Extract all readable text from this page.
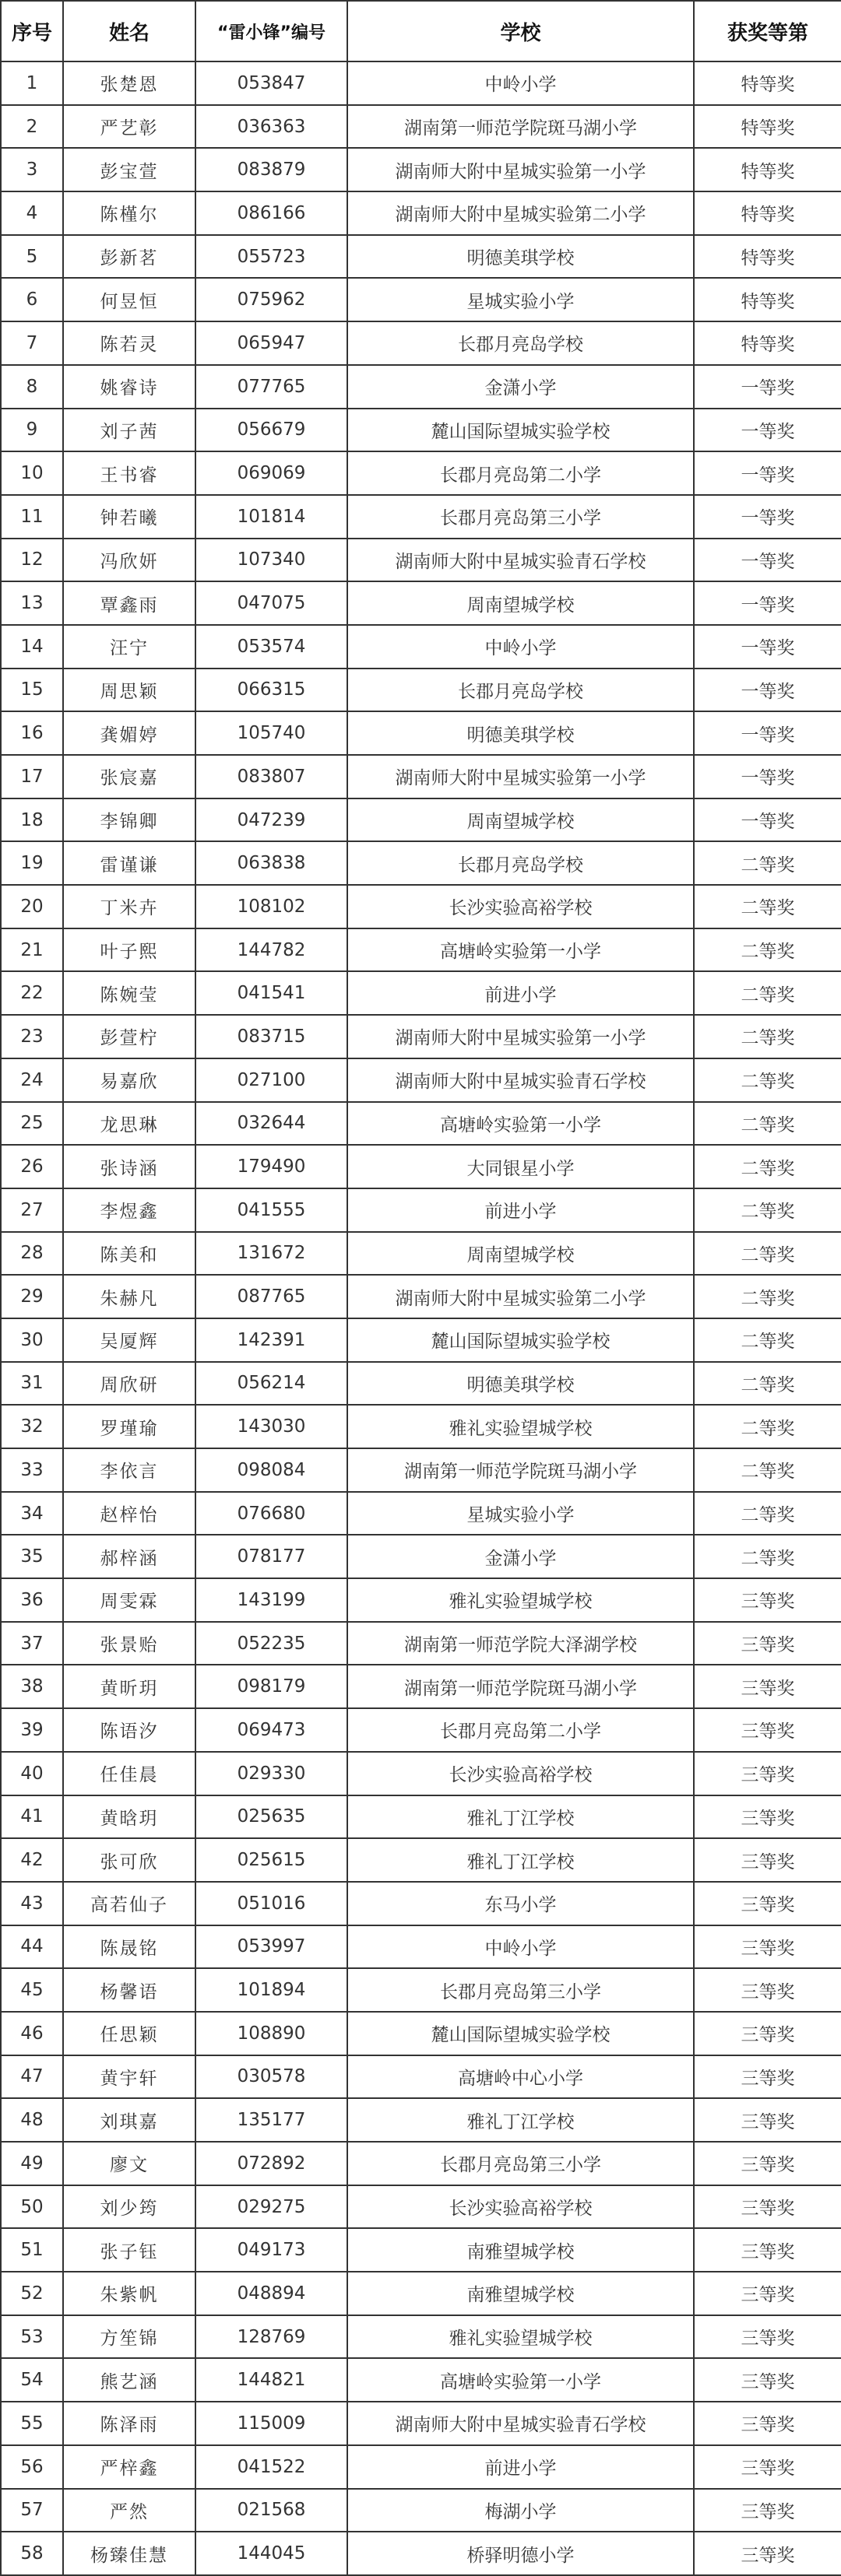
序号	姓名	“雷小锋”编号	学校	获奖等第
1	张楚恩	053847	中岭小学	特等奖
2	严艺彰	036363	湖南第一师范学院斑马湖小学	特等奖
3	彭宝萱	083879	湖南师大附中星城实验第一小学	特等奖
4	陈槿尔	086166	湖南师大附中星城实验第二小学	特等奖
5	彭新茗	055723	明德美琪学校	特等奖
6	何昱恒	075962	星城实验小学	特等奖
7	陈若灵	065947	长郡月亮岛学校	特等奖
8	姚睿诗	077765	金潇小学	一等奖
9	刘子茜	056679	麓山国际望城实验学校	一等奖
10	王书睿	069069	长郡月亮岛第二小学	一等奖
11	钟若曦	101814	长郡月亮岛第三小学	一等奖
12	冯欣妍	107340	湖南师大附中星城实验青石学校	一等奖
13	覃鑫雨	047075	周南望城学校	一等奖
14	汪宁	053574	中岭小学	一等奖
15	周思颖	066315	长郡月亮岛学校	一等奖
16	龚媚婷	105740	明德美琪学校	一等奖
17	张宸嘉	083807	湖南师大附中星城实验第一小学	一等奖
18	李锦卿	047239	周南望城学校	一等奖
19	雷谨谦	063838	长郡月亮岛学校	二等奖
20	丁米卉	108102	长沙实验高裕学校	二等奖
21	叶子熙	144782	高塘岭实验第一小学	二等奖
22	陈婉莹	041541	前进小学	二等奖
23	彭萱柠	083715	湖南师大附中星城实验第一小学	二等奖
24	易嘉欣	027100	湖南师大附中星城实验青石学校	二等奖
25	龙思琳	032644	高塘岭实验第一小学	二等奖
26	张诗涵	179490	大同银星小学	二等奖
27	李煜鑫	041555	前进小学	二等奖
28	陈美和	131672	周南望城学校	二等奖
29	朱赫凡	087765	湖南师大附中星城实验第二小学	二等奖
30	吴厦辉	142391	麓山国际望城实验学校	二等奖
31	周欣研	056214	明德美琪学校	二等奖
32	罗瑾瑜	143030	雅礼实验望城学校	二等奖
33	李依言	098084	湖南第一师范学院斑马湖小学	二等奖
34	赵梓怡	076680	星城实验小学	二等奖
35	郝梓涵	078177	金潇小学	二等奖
36	周雯霖	143199	雅礼实验望城学校	三等奖
37	张景贻	052235	湖南第一师范学院大泽湖学校	三等奖
38	黄昕玥	098179	湖南第一师范学院斑马湖小学	三等奖
39	陈语汐	069473	长郡月亮岛第二小学	三等奖
40	任佳晨	029330	长沙实验高裕学校	三等奖
41	黄晗玥	025635	雅礼丁江学校	三等奖
42	张可欣	025615	雅礼丁江学校	三等奖
43	高若仙子	051016	东马小学	三等奖
44	陈晟铭	053997	中岭小学	三等奖
45	杨馨语	101894	长郡月亮岛第三小学	三等奖
46	任思颖	108890	麓山国际望城实验学校	三等奖
47	黄宇轩	030578	高塘岭中心小学	三等奖
48	刘琪嘉	135177	雅礼丁江学校	三等奖
49	廖文	072892	长郡月亮岛第三小学	三等奖
50	刘少筠	029275	长沙实验高裕学校	三等奖
51	张子钰	049173	南雅望城学校	三等奖
52	朱紫帆	048894	南雅望城学校	三等奖
53	方笙锦	128769	雅礼实验望城学校	三等奖
54	熊艺涵	144821	高塘岭实验第一小学	三等奖
55	陈泽雨	115009	湖南师大附中星城实验青石学校	三等奖
56	严梓鑫	041522	前进小学	三等奖
57	严然	021568	梅湖小学	三等奖
58	杨臻佳慧	144045	桥驿明德小学	三等奖
